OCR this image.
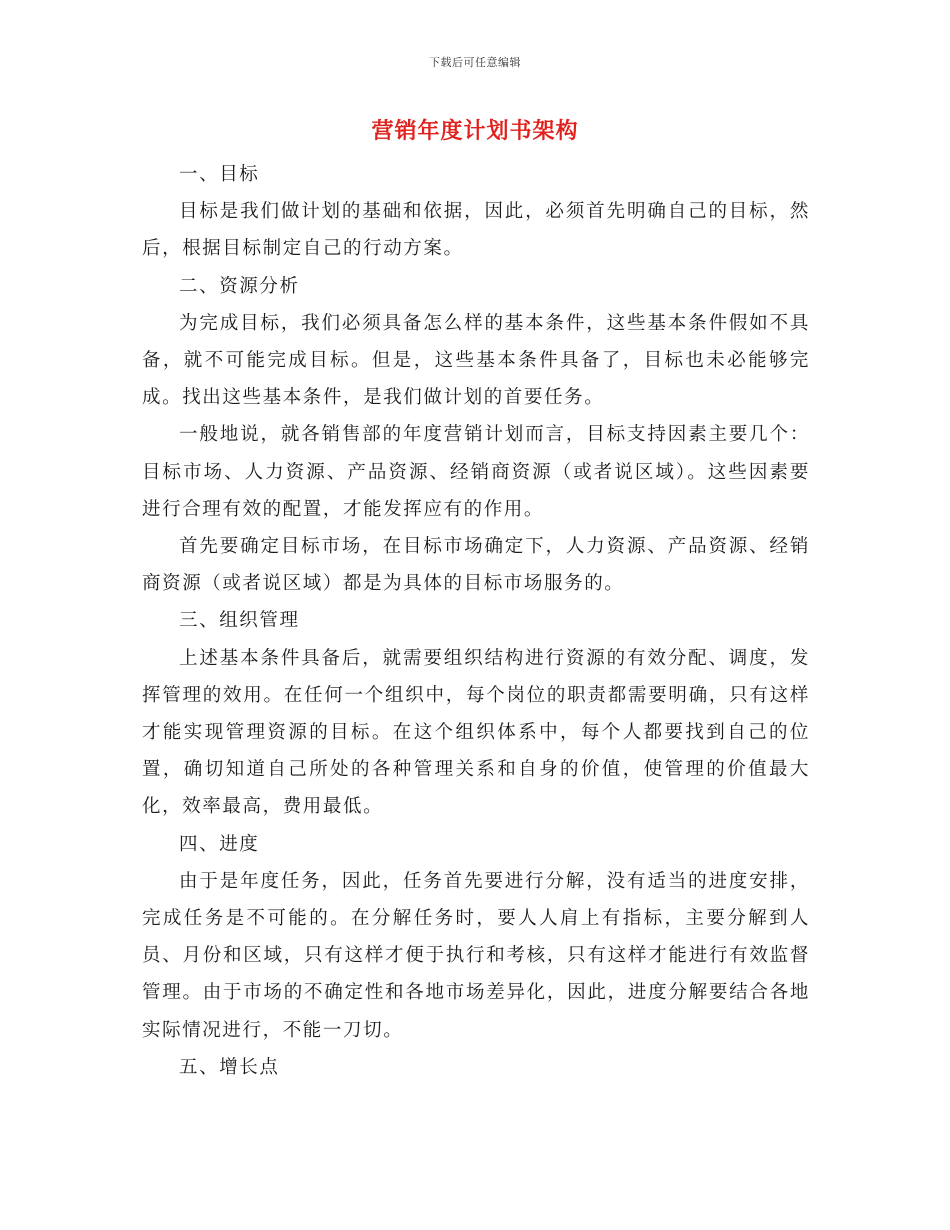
下载后可任意编辑
营销年度计划书架构

一、目标

目标是我们做计划的基础和依据，因此，必须首先明确自己的目标，然后，根据目标制定自己的行动方案。

二、资源分析

为完成目标，我们必须具备怎么样的基本条件，这些基本条件假如不具备，就不可能完成目标。但是，这些基本条件具备了，目标也未必能够完成。找出这些基本条件，是我们做计划的首要任务。

一般地说，就各销售部的年度营销计划而言，目标支持因素主要几个：目标市场、人力资源、产品资源、经销商资源（或者说区域）。这些因素要进行合理有效的配置，才能发挥应有的作用。

首先要确定目标市场，在目标市场确定下，人力资源、产品资源、经销商资源（或者说区域）都是为具体的目标市场服务的。

三、组织管理

上述基本条件具备后，就需要组织结构进行资源的有效分配、调度，发挥管理的效用。在任何一个组织中，每个岗位的职责都需要明确，只有这样才能实现管理资源的目标。在这个组织体系中，每个人都要找到自己的位置，确切知道自己所处的各种管理关系和自身的价值，使管理的价值最大化，效率最高，费用最低。

四、进度

由于是年度任务，因此，任务首先要进行分解，没有适当的进度安排，完成任务是不可能的。在分解任务时，要人人肩上有指标，主要分解到人员、月份和区域，只有这样才便于执行和考核，只有这样才能进行有效监督管理。由于市场的不确定性和各地市场差异化，因此，进度分解要结合各地实际情况进行，不能一刀切。

五、增长点
